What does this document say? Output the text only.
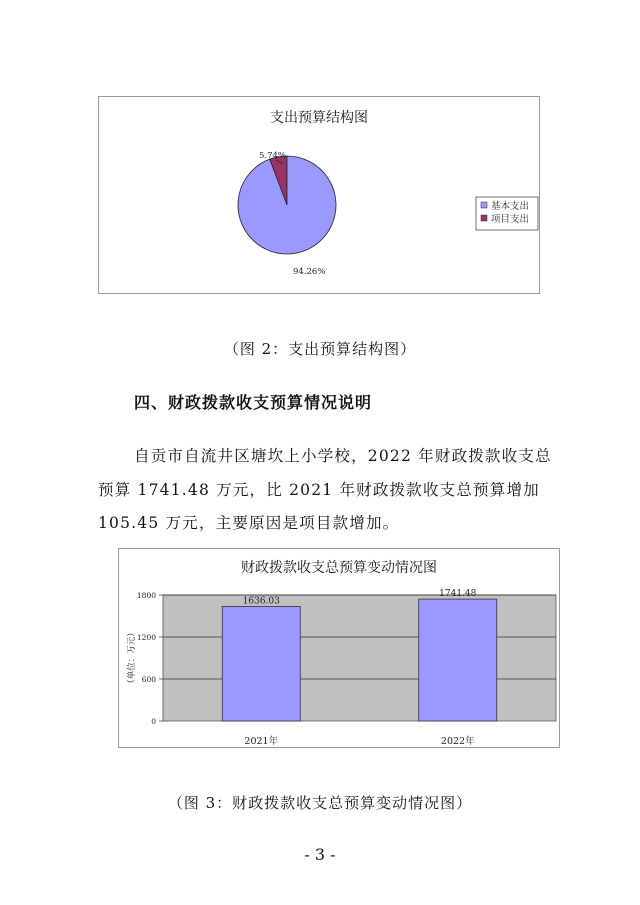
支出预算结构图
5.74%
94.26%
基本支出
项目支出
（图 2：支出预算结构图）
四、财政拨款收支预算情况说明
自贡市自流井区塘坎上小学校，2022 年财政拨款收支总
预算 1741.48 万元，比 2021 年财政拨款收支总预算增加
105.45 万元，主要原因是项目款增加。
财政拨款收支总预算变动情况图
0
600
1200
1800
1636.03
2021年
1741.48
2022年
（单位：万元）
（图 3：财政拨款收支总预算变动情况图）
- 3 -
